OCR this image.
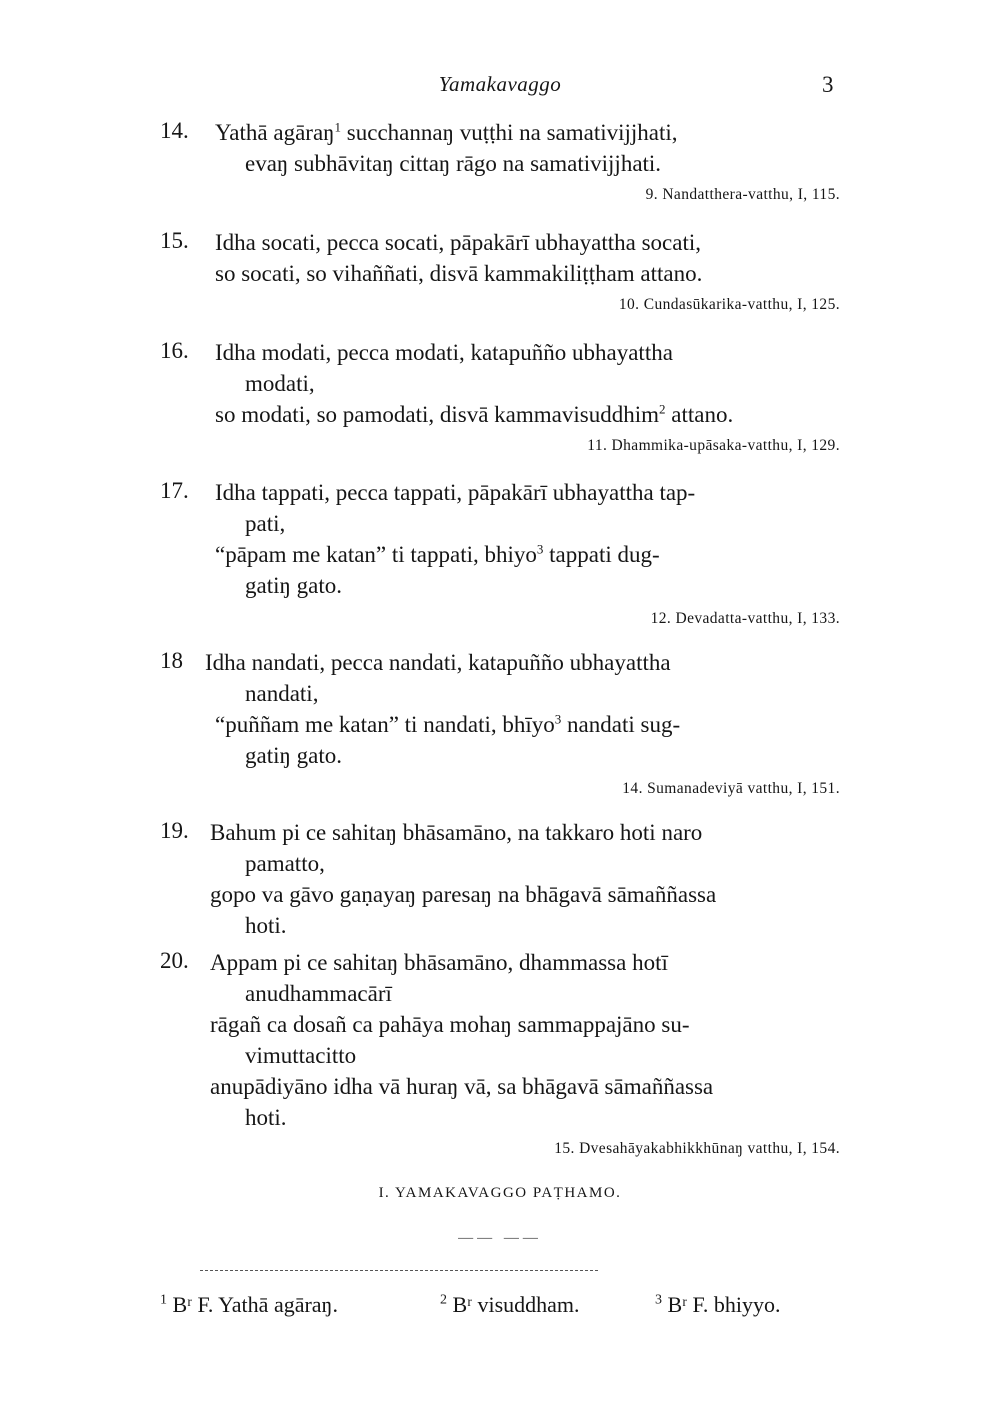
Yamakavaggo	3
14. Yathā agāraŋ$^1$ succhannaŋ vuṭṭhi na samativijjhati,
evaŋ subhāvitaŋ cittaŋ rāgo na samativijjhati.
9. Nandatthera-vatthu, I, 115.
15. Idha socati, pecca socati, pāpakārī ubhayattha socati,
so socati, so vihaññati, disvā kammakiliṭṭham attano.
10. Cundasūkarika-vatthu, I, 125.
16. Idha modati, pecca modati, katapuñño ubhayattha
modati,
so modati, so pamodati, disvā kammavisuddhim$^2$ attano.
11. Dhammika-upāsaka-vatthu, I, 129.
17. Idha tappati, pecca tappati, pāpakārī ubhayattha tap-
pati,
“pāpam me katan” ti tappati, bhiyo$^3$ tappati dug-
gatiŋ gato.
12. Devadatta-vatthu, I, 133.
18 Idha nandati, pecca nandati, katapuñño ubhayattha
nandati,
“puññam me katan” ti nandati, bhīyo$^3$ nandati sug-
gatiŋ gato.
14. Sumanadeviyā vatthu, I, 151.
19. Bahum pi ce sahitaŋ bhāsamāno, na takkaro hoti naro
pamatto,
gopo va gāvo gaṇayaŋ paresaŋ na bhāgavā sāmaññassa
hoti.
20. Appam pi ce sahitaŋ bhāsamāno, dhammassa hotī
anudhammacārī
rāgañ ca dosañ ca pahāya mohaŋ sammappajāno su-
vimuttacitto
anupādiyāno idha vā huraŋ vā, sa bhāgavā sāmaññassa
hoti.
15. Dvesahāyakabhikkhūnaŋ vatthu, I, 154.
I. YAMAKAVAGGO PAṬHAMO.
—— ——
$^1$ Bʳ F. Yathā agāraŋ.	$^2$ Bʳ visuddham.	$^3$ Bʳ F. bhiyyo.
